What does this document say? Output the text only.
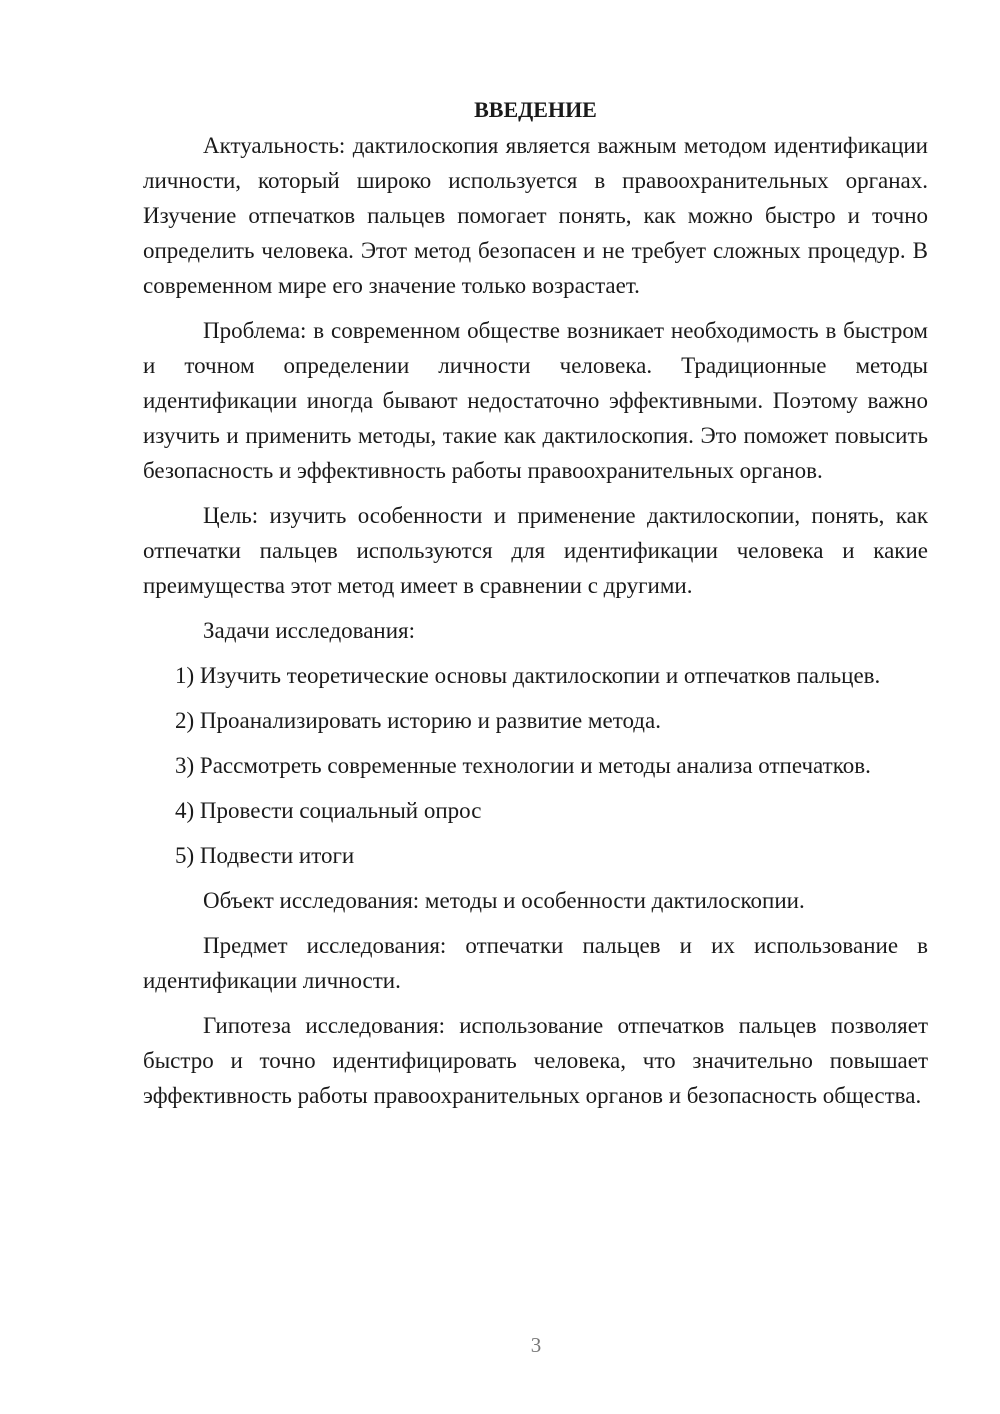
ВВЕДЕНИЕ

Актуальность: дактилоскопия является важным методом идентификации личности, который широко используется в правоохранительных органах. Изучение отпечатков пальцев помогает понять, как можно быстро и точно определить человека. Этот метод безопасен и не требует сложных процедур. В современном мире его значение только возрастает.

Проблема: в современном обществе возникает необходимость в быстром и точном определении личности человека. Традиционные методы идентификации иногда бывают недостаточно эффективными. Поэтому важно изучить и применить методы, такие как дактилоскопия. Это поможет повысить безопасность и эффективность работы правоохранительных органов.

Цель: изучить особенности и применение дактилоскопии, понять, как отпечатки пальцев используются для идентификации человека и какие преимущества этот метод имеет в сравнении с другими.

Задачи исследования:

1) Изучить теоретические основы дактилоскопии и отпечатков пальцев.

2) Проанализировать историю и развитие метода.

3) Рассмотреть современные технологии и методы анализа отпечатков.

4) Провести социальный опрос

5) Подвести итоги

Объект исследования: методы и особенности дактилоскопии.

Предмет исследования: отпечатки пальцев и их использование в идентификации личности.

Гипотеза исследования: использование отпечатков пальцев позволяет быстро и точно идентифицировать человека, что значительно повышает эффективность работы правоохранительных органов и безопасность общества.

3
